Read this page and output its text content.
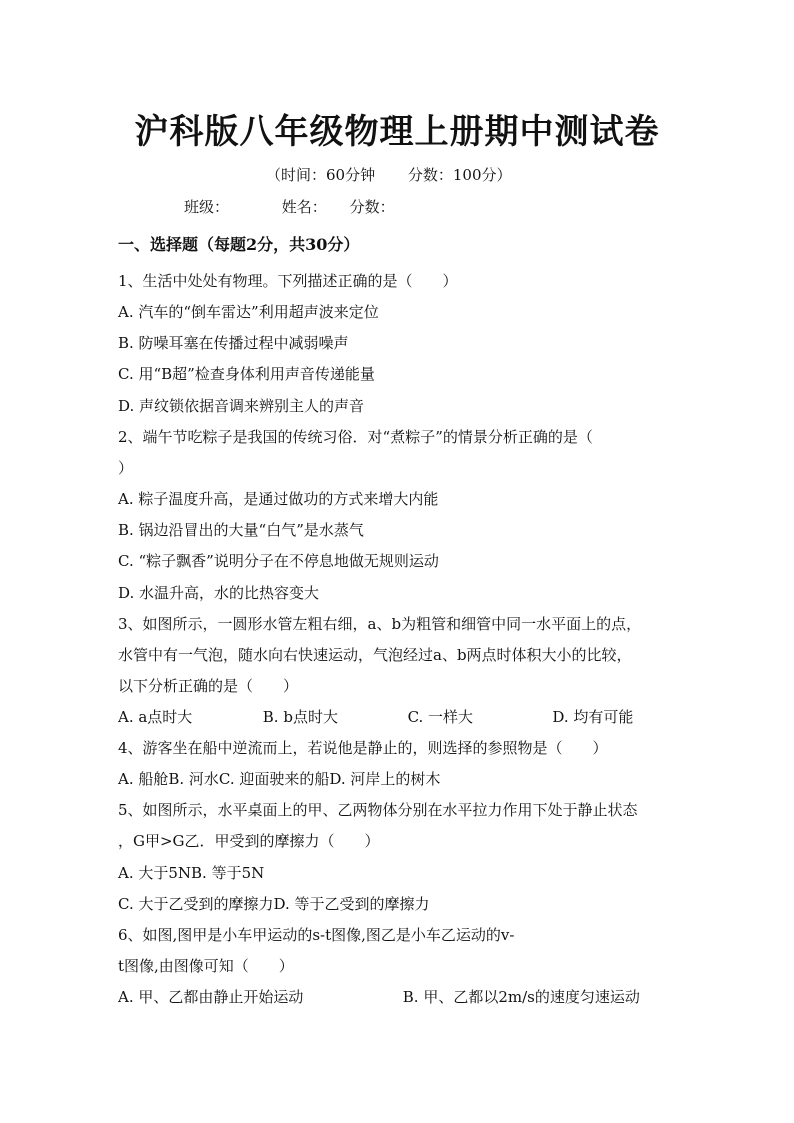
沪科版八年级物理上册期中测试卷
（时间：60分钟 分数：100分）
班级：	姓名： 分数：
一、选择题（每题2分，共30分）
1、生活中处处有物理。下列描述正确的是（　　）
A. 汽车的“倒车雷达”利用超声波来定位
B. 防噪耳塞在传播过程中减弱噪声
C. 用“B超”检查身体利用声音传递能量
D. 声纹锁依据音调来辨别主人的声音
2、端午节吃粽子是我国的传统习俗．对“煮粽子”的情景分析正确的是（
）
A. 粽子温度升高，是通过做功的方式来增大内能
B. 锅边沿冒出的大量“白气”是水蒸气
C. “粽子飘香”说明分子在不停息地做无规则运动
D. 水温升高，水的比热容变大
3、如图所示，一圆形水管左粗右细，a、b为粗管和细管中同一水平面上的点，
水管中有一气泡，随水向右快速运动，气泡经过a、b两点时体积大小的比较，
以下分析正确的是（　　）
A. a点时大	B. b点时大	C. 一样大	D. 均有可能
4、游客坐在船中逆流而上，若说他是静止的，则选择的参照物是（　　）
A. 船舱B. 河水C. 迎面驶来的船D. 河岸上的树木
5、如图所示，水平桌面上的甲、乙两物体分别在水平拉力作用下处于静止状态
，G甲>G乙．甲受到的摩擦力（　　）
A. 大于5NB. 等于5N
C. 大于乙受到的摩擦力D. 等于乙受到的摩擦力
6、如图,图甲是小车甲运动的s-t图像,图乙是小车乙运动的v-
t图像,由图像可知（　　）
A. 甲、乙都由静止开始运动	B. 甲、乙都以2m/s的速度匀速运动
